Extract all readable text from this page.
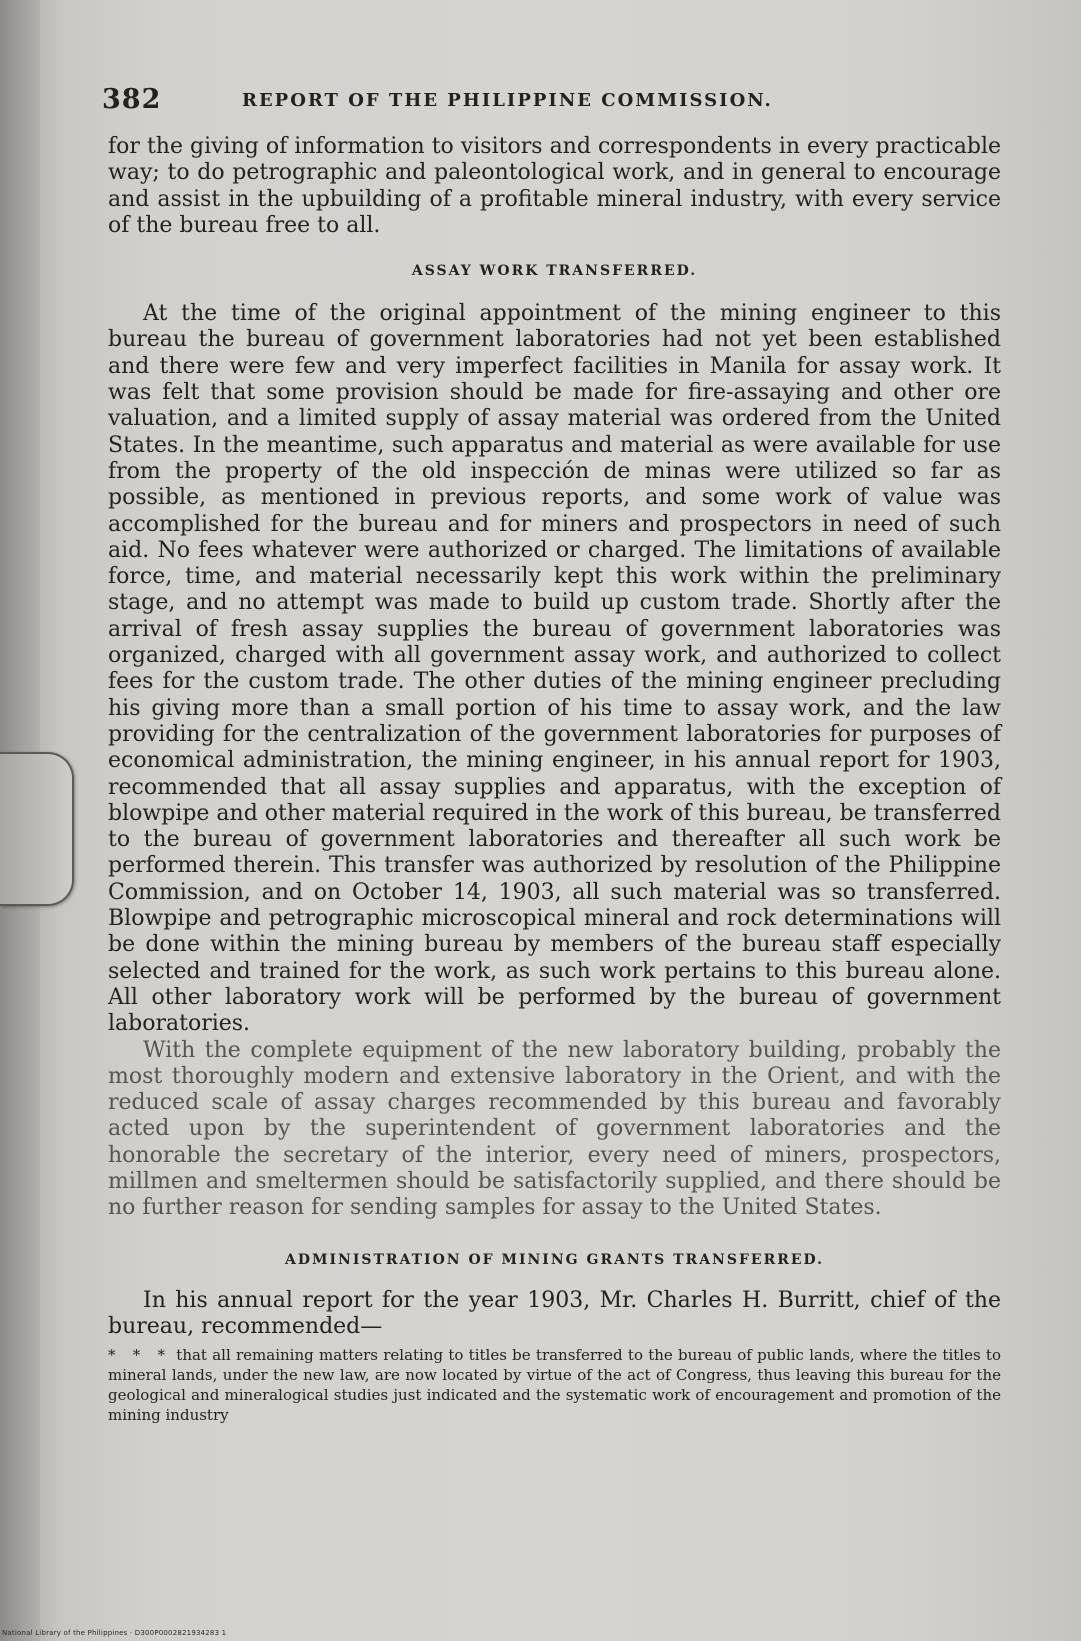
382	REPORT OF THE PHILIPPINE COMMISSION.

for the giving of information to visitors and correspondents in every practicable way; to do petrographic and paleontological work, and in general to encourage and assist in the upbuilding of a profitable mineral industry, with every service of the bureau free to all.

ASSAY WORK TRANSFERRED.

At the time of the original appointment of the mining engineer to this bureau the bureau of government laboratories had not yet been established and there were few and very imperfect facilities in Manila for assay work. It was felt that some provision should be made for fire-assaying and other ore valuation, and a limited supply of assay material was ordered from the United States. In the meantime, such apparatus and material as were available for use from the property of the old inspección de minas were utilized so far as possible, as mentioned in previous reports, and some work of value was accomplished for the bureau and for miners and prospectors in need of such aid. No fees whatever were authorized or charged. The limitations of available force, time, and material necessarily kept this work within the preliminary stage, and no attempt was made to build up custom trade. Shortly after the arrival of fresh assay supplies the bureau of government laboratories was organized, charged with all government assay work, and authorized to collect fees for the custom trade. The other duties of the mining engineer precluding his giving more than a small portion of his time to assay work, and the law providing for the centralization of the government laboratories for purposes of economical administration, the mining engineer, in his annual report for 1903, recommended that all assay supplies and apparatus, with the exception of blowpipe and other material required in the work of this bureau, be transferred to the bureau of government laboratories and thereafter all such work be performed therein. This transfer was authorized by resolution of the Philippine Commission, and on October 14, 1903, all such material was so transferred. Blowpipe and petrographic microscopical mineral and rock determinations will be done within the mining bureau by members of the bureau staff especially selected and trained for the work, as such work pertains to this bureau alone. All other laboratory work will be performed by the bureau of government laboratories.

With the complete equipment of the new laboratory building, probably the most thoroughly modern and extensive laboratory in the Orient, and with the reduced scale of assay charges recommended by this bureau and favorably acted upon by the superintendent of government laboratories and the honorable the secretary of the interior, every need of miners, prospectors, millmen and smeltermen should be satisfactorily supplied, and there should be no further reason for sending samples for assay to the United States.

ADMINISTRATION OF MINING GRANTS TRANSFERRED.

In his annual report for the year 1903, Mr. Charles H. Burritt, chief of the bureau, recommended—

* * * that all remaining matters relating to titles be transferred to the bureau of public lands, where the titles to mineral lands, under the new law, are now located by virtue of the act of Congress, thus leaving this bureau for the geological and mineralogical studies just indicated and the systematic work of encouragement and promotion of the mining industry

National Library of the Philippines · D300P0002821934283 1
